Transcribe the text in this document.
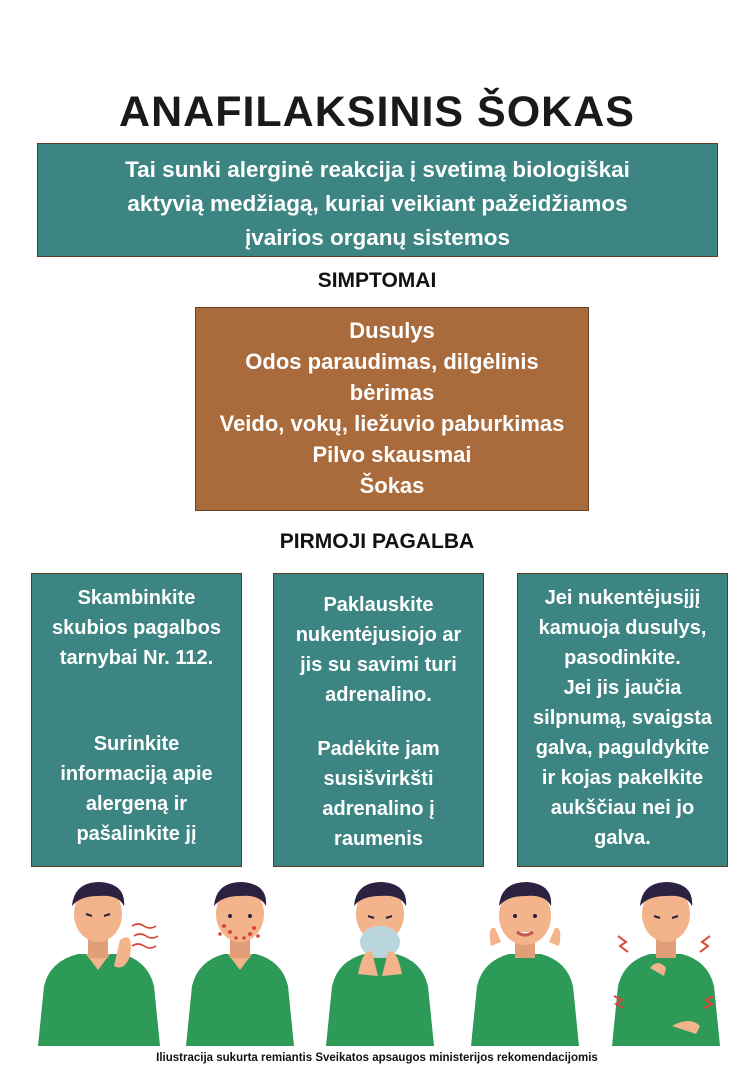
ANAFILAKSINIS ŠOKAS
Tai sunki alerginė reakcija į svetimą biologiškai
aktyvią medžiagą, kuriai veikiant pažeidžiamos
įvairios organų sistemos
SIMPTOMAI
Dusulys
Odos paraudimas, dilgėlinis
bėrimas
Veido, vokų, liežuvio paburkimas
Pilvo skausmai
Šokas
PIRMOJI PAGALBA

Skambinkite

skubios pagalbos

tarnybai Nr. 112.

Surinkite

informaciją apie

alergeną ir

pašalinkite jį

Paklauskite

nukentėjusiojo ar

jis su savimi turi

adrenalino.

Padėkite jam

susišvirkšti

adrenalino į

raumenis

Jei nukentėjusįjį

kamuoja dusulys,

pasodinkite.

Jei jis jaučia

silpnumą, svaigsta

galva, paguldykite

ir kojas pakelkite

aukščiau nei jo

galva.

Iliustracija sukurta remiantis Sveikatos apsaugos ministerijos rekomendacijomis
